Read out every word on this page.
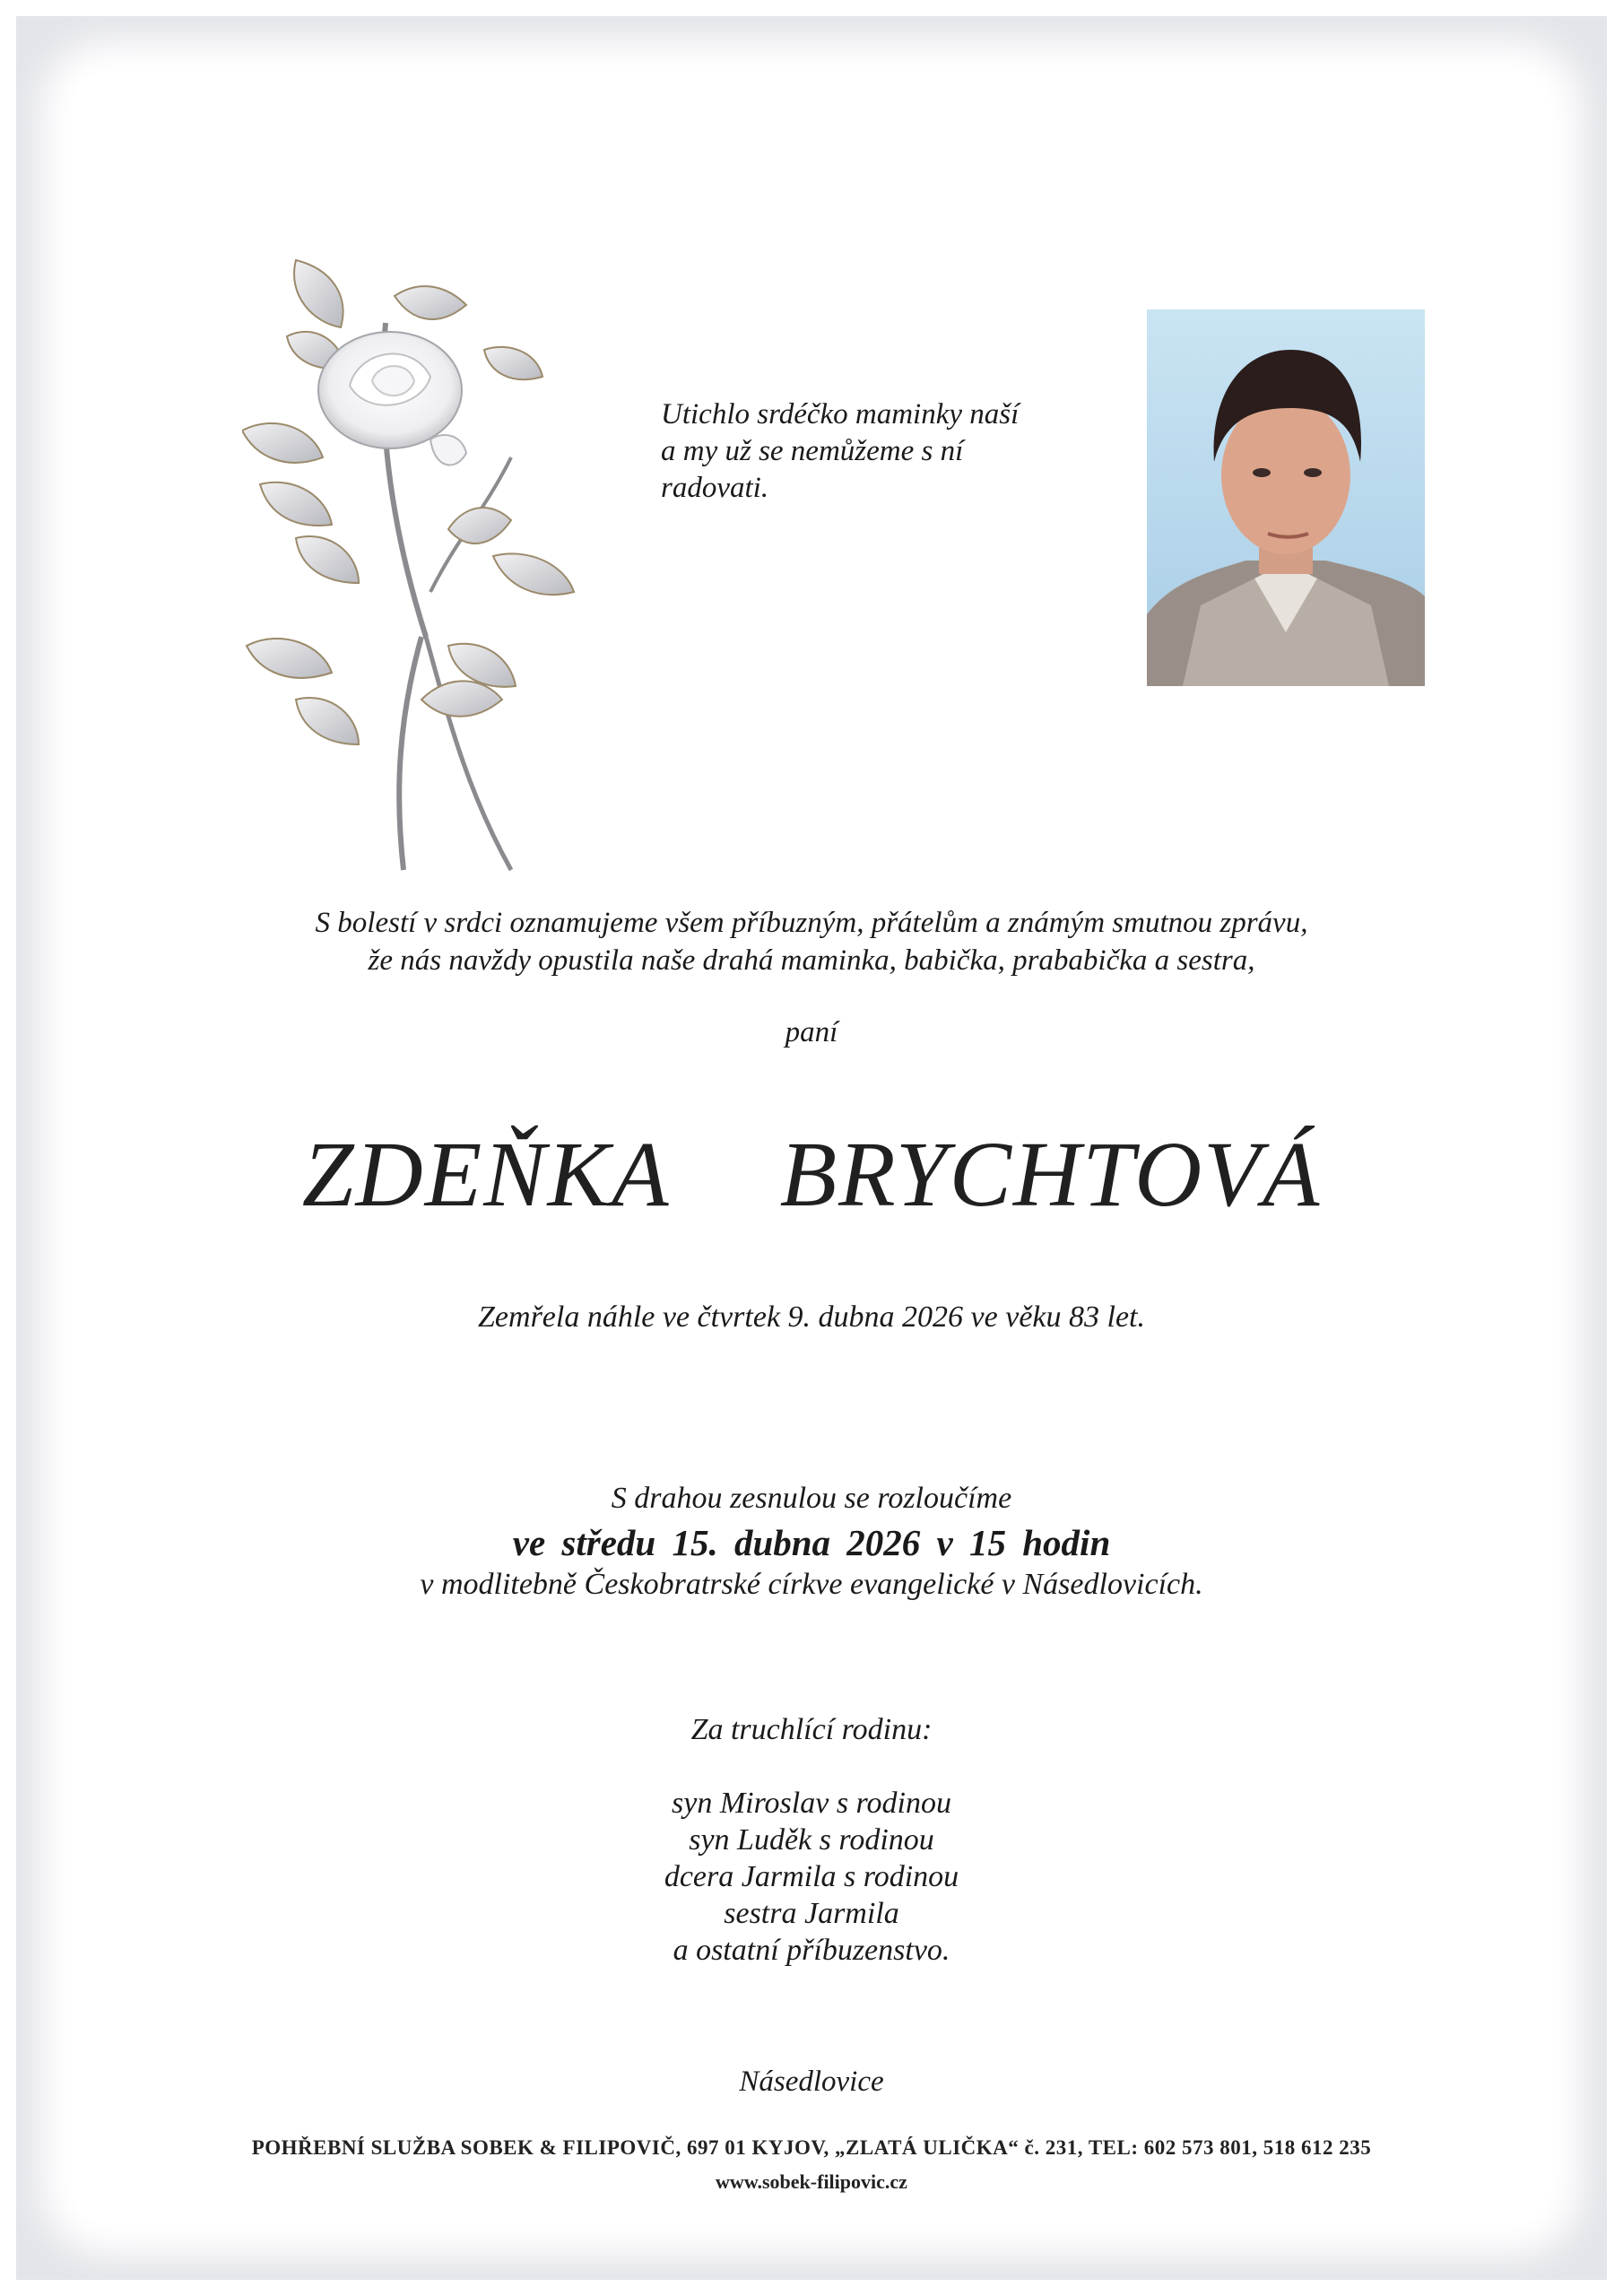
Utichlo srdéčko maminky naší
a my už se nemůžeme s ní
radovati.
S bolestí v srdci oznamujeme všem příbuzným, přátelům a známým smutnou zprávu,
že nás navždy opustila naše drahá maminka, babička, prababička a sestra,
paní
ZDEŇKA  BRYCHTOVÁ
Zemřela náhle ve čtvrtek 9. dubna 2026 ve věku 83 let.
S drahou zesnulou se rozloučíme
ve středu 15. dubna 2026 v 15 hodin
v modlitebně Českobratrské církve evangelické v Násedlovicích.
Za truchlící rodinu:
syn Miroslav s rodinou
syn Luděk s rodinou
dcera Jarmila s rodinou
sestra Jarmila
a ostatní příbuzenstvo.
Násedlovice
POHŘEBNÍ SLUŽBA SOBEK & FILIPOVIČ, 697 01 KYJOV, „ZLATÁ ULIČKA“ č. 231, TEL: 602 573 801, 518 612 235
www.sobek-filipovic.cz
